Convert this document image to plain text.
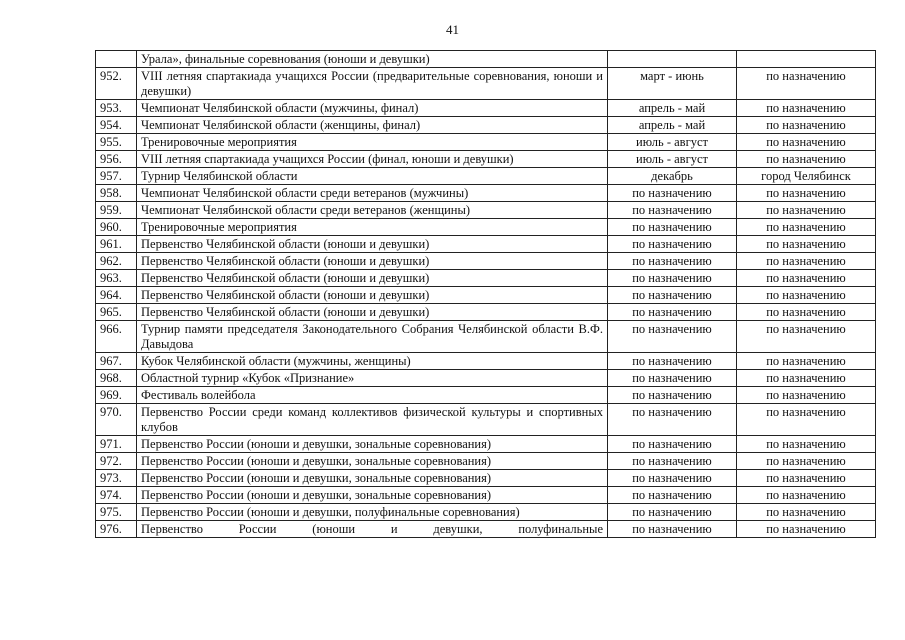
41
	Урала», финальные соревнования (юноши и девушки)		
952.	VIII летняя спартакиада учащихся России (предварительные соревнования, юноши и девушки)	март - июнь	по назначению
953.	Чемпионат Челябинской области (мужчины, финал)	апрель - май	по назначению
954.	Чемпионат Челябинской области (женщины, финал)	апрель - май	по назначению
955.	Тренировочные мероприятия	июль - август	по назначению
956.	VIII летняя спартакиада учащихся России (финал, юноши и девушки)	июль - август	по назначению
957.	Турнир Челябинской области	декабрь	город Челябинск
958.	Чемпионат Челябинской области среди ветеранов (мужчины)	по назначению	по назначению
959.	Чемпионат Челябинской области среди ветеранов (женщины)	по назначению	по назначению
960.	Тренировочные мероприятия	по назначению	по назначению
961.	Первенство Челябинской области (юноши и девушки)	по назначению	по назначению
962.	Первенство Челябинской области (юноши и девушки)	по назначению	по назначению
963.	Первенство Челябинской области (юноши и девушки)	по назначению	по назначению
964.	Первенство Челябинской области (юноши и девушки)	по назначению	по назначению
965.	Первенство Челябинской области (юноши и девушки)	по назначению	по назначению
966.	Турнир памяти председателя Законодательного Собрания Челябинской области В.Ф. Давыдова	по назначению	по назначению
967.	Кубок Челябинской области (мужчины, женщины)	по назначению	по назначению
968.	Областной турнир «Кубок «Признание»	по назначению	по назначению
969.	Фестиваль волейбола	по назначению	по назначению
970.	Первенство России среди команд коллективов физической культуры и спортивных клубов	по назначению	по назначению
971.	Первенство России (юноши и девушки, зональные соревнования)	по назначению	по назначению
972.	Первенство России (юноши и девушки, зональные соревнования)	по назначению	по назначению
973.	Первенство России (юноши и девушки, зональные соревнования)	по назначению	по назначению
974.	Первенство России (юноши и девушки, зональные соревнования)	по назначению	по назначению
975.	Первенство России (юноши и девушки, полуфинальные соревнования)	по назначению	по назначению
976.	Первенство России (юноши и девушки, полуфинальные	по назначению	по назначению
